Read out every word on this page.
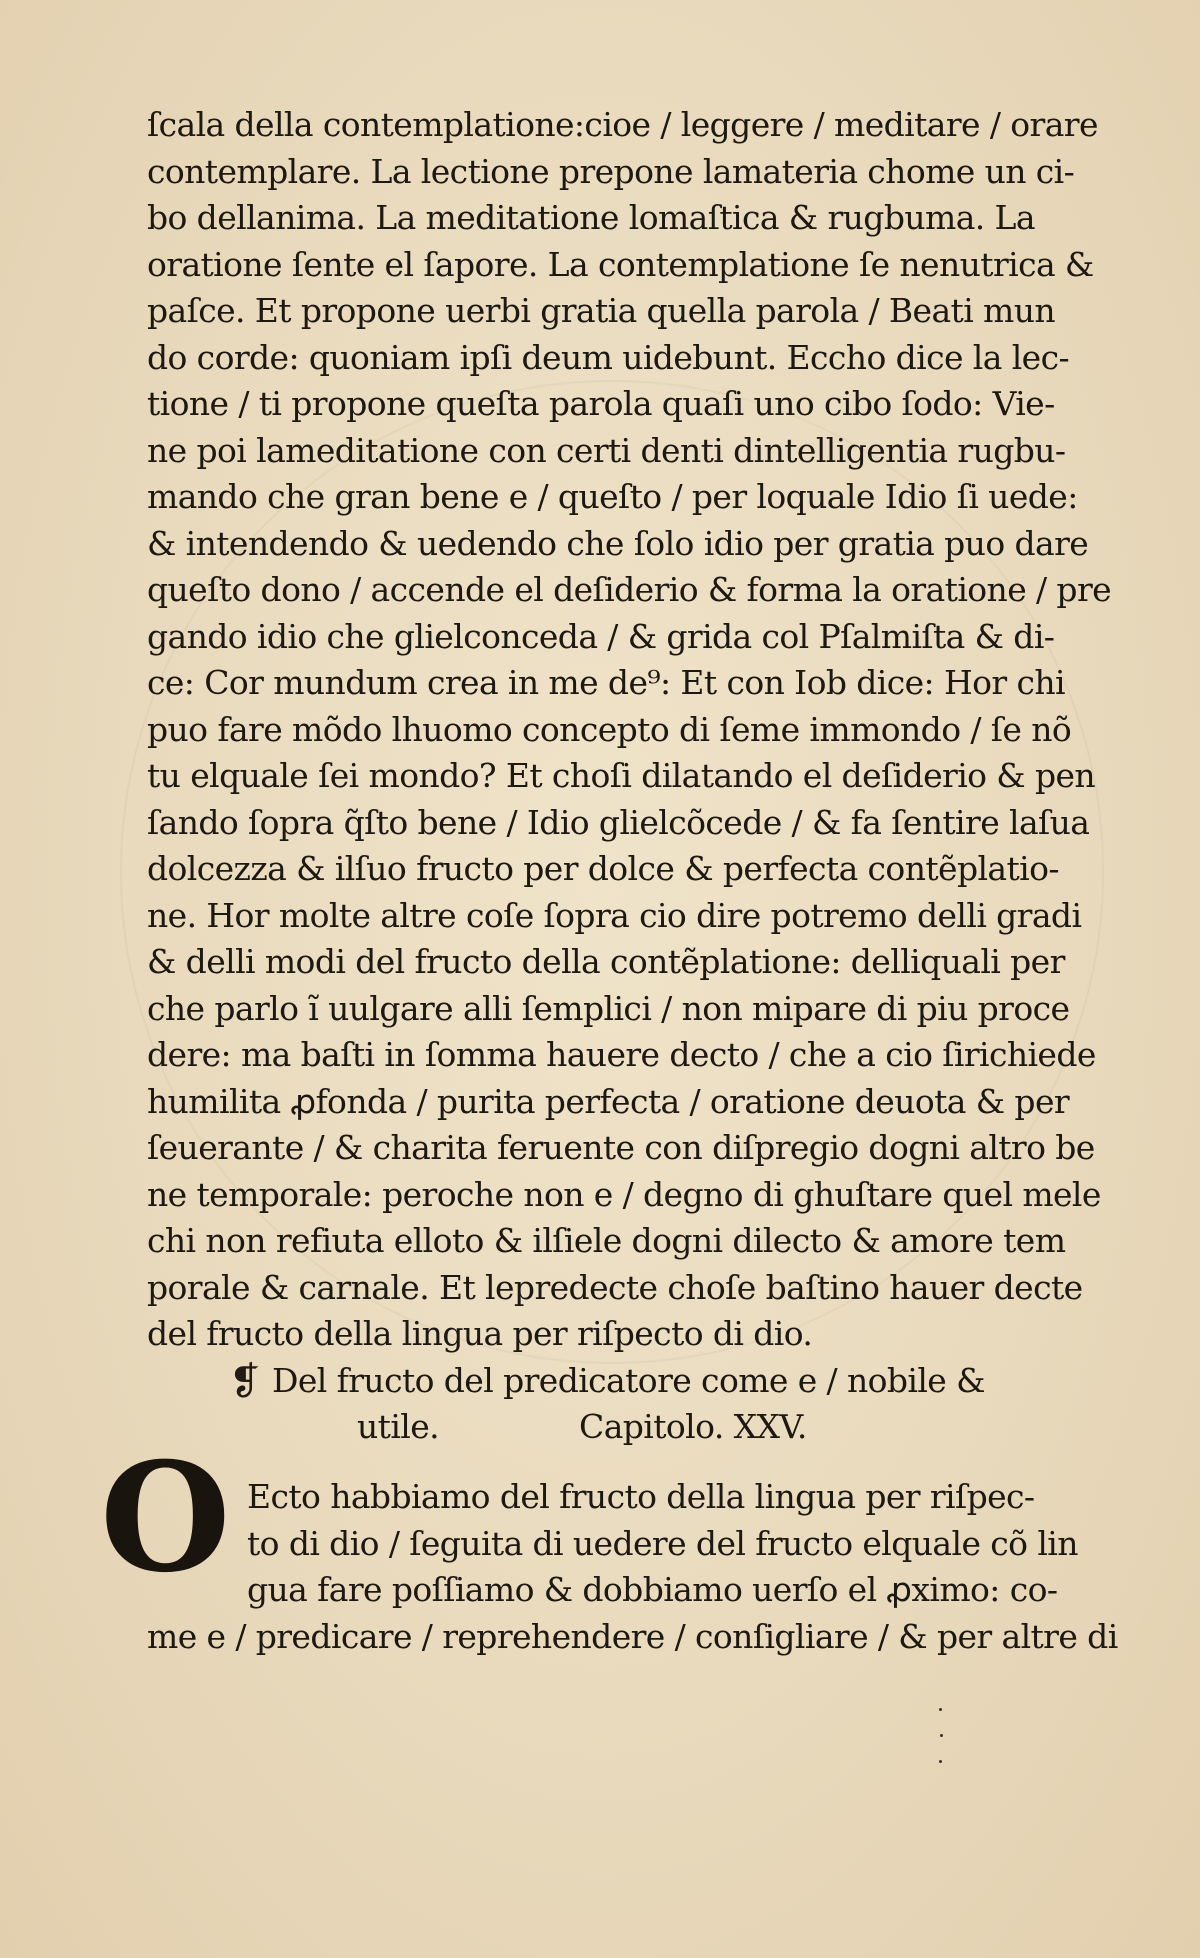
ſcala della contemplatione:cioe / leggere / meditare / orare
contemplare. La lectione prepone lamateria chome un ci-
bo dellanima. La meditatione lomaſtica & rugbuma. La
oratione ſente el ſapore. La contemplatione ſe nenutrica &
paſce. Et propone uerbi gratia quella parola / Beati mun
do corde: quoniam ipſi deum uidebunt. Eccho dice la lec-
tione / ti propone queſta parola quaſi uno cibo ſodo: Vie-
ne poi lameditatione con certi denti dintelligentia rugbu-
mando che gran bene e / queſto / per loquale Idio ſi uede:
& intendendo & uedendo che ſolo idio per gratia puo dare
queſto dono / accende el deſiderio & forma la oratione / pre
gando idio che glielconceda / & grida col Pſalmiſta & di-
ce: Cor mundum crea in me de⁹: Et con Iob dice: Hor chi
puo fare mõdo lhuomo concepto di ſeme immondo / ſe nõ
tu elquale ſei mondo? Et choſi dilatando el deſiderio & pen
ſando ſopra q̃ſto bene / Idio glielcõcede / & fa ſentire laſua
dolcezza & ilſuo fructo per dolce & perfecta contẽplatio-
ne. Hor molte altre coſe ſopra cio dire potremo delli gradi
& delli modi del fructo della contẽplatione: delliquali per
che parlo ĩ uulgare alli ſemplici / non mipare di piu proce
dere: ma baſti in ſomma hauere decto / che a cio ſirichiede
humilita ꝓfonda / purita perfecta / oratione deuota & per
ſeuerante / & charita feruente con diſpregio dogni altro be
ne temporale: peroche non e / degno di ghuſtare quel mele
chi non refiuta elloto & ilſiele dogni dilecto & amore tem
porale & carnale. Et lepredecte choſe baſtino hauer decte
del fructo della lingua per riſpecto di dio.
❡ Del fructo del predicatore come e / nobile &
utile.	Capitolo. XXV.
O Ecto habbiamo del fructo della lingua per riſpec-
to di dio / ſeguita di uedere del fructo elquale cõ lin
gua fare poſſiamo & dobbiamo uerſo el ꝓximo: co-
me e / predicare / reprehendere / conſigliare / & per altre di
